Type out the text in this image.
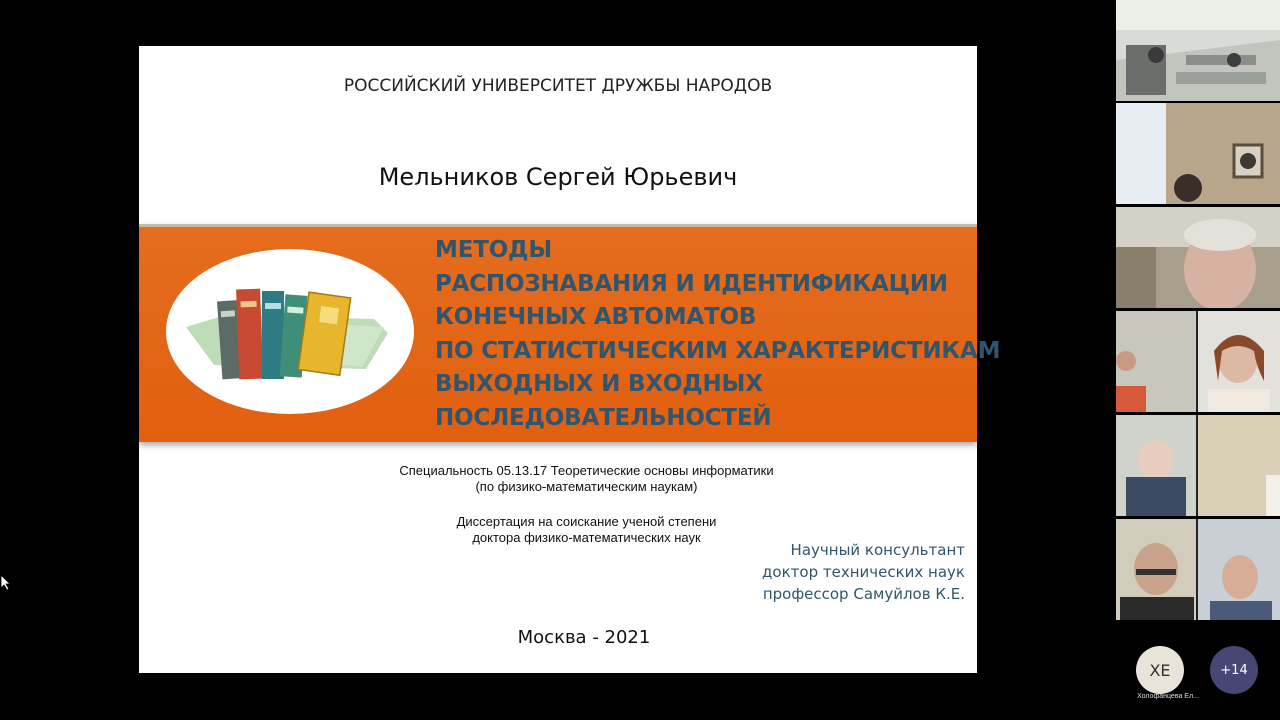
РОССИЙСКИЙ УНИВЕРСИТЕТ ДРУЖБЫ НАРОДОВ
Мельников Сергей Юрьевич
МЕТОДЫ
РАСПОЗНАВАНИЯ И ИДЕНТИФИКАЦИИ
КОНЕЧНЫХ АВТОМАТОВ
ПО СТАТИСТИЧЕСКИМ ХАРАКТЕРИСТИКАМ
ВЫХОДНЫХ И ВХОДНЫХ
ПОСЛЕДОВАТЕЛЬНОСТЕЙ
Специальность 05.13.17 Теоретические основы информатики
(по физико-математическим наукам)
Диссертация на соискание ученой степени
доктора физико-математических наук
Научный консультант
доктор технических наук
профессор Самуйлов К.Е.
Москва - 2021
ХЕ
Холофанцева Ел...
+14
